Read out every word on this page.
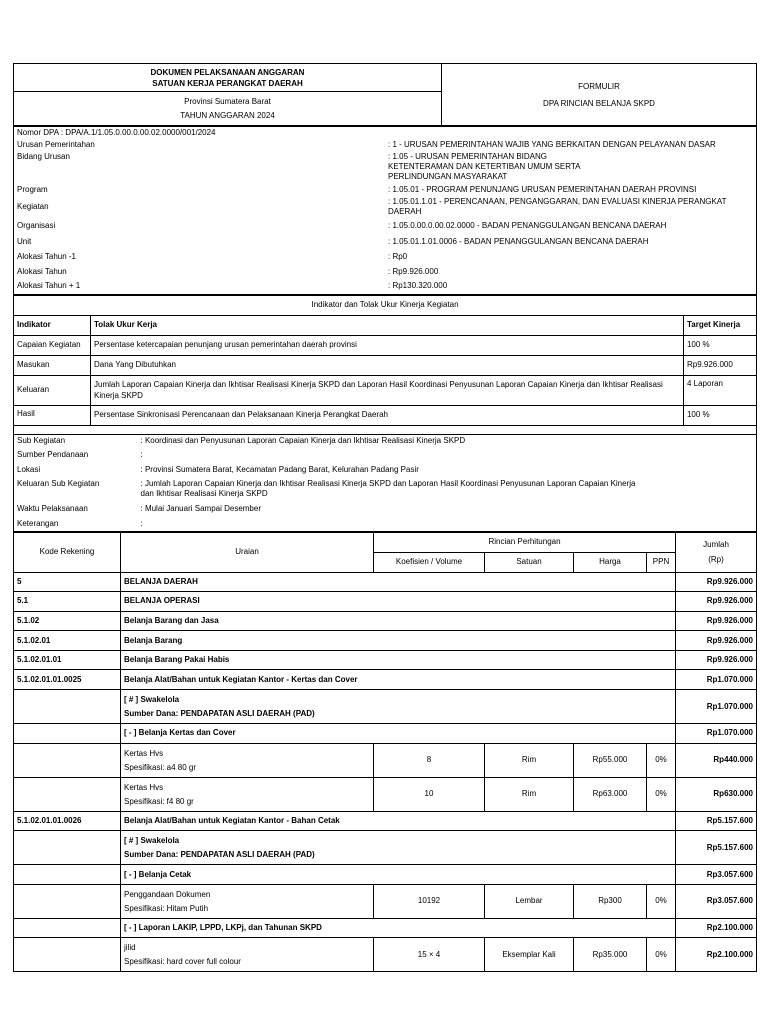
DOKUMEN PELAKSANAAN ANGGARAN
SATUAN KERJA PERANGKAT DAERAH	FORMULIR
DPA RINCIAN BELANJA SKPD

Provinsi Sumatera Barat
TAHUN ANGGARAN 2024
Nomor DPA : DPA/A.1/1.05.0.00.0.00.02.0000/001/2024	
Urusan Pemerintahan	: 1 - URUSAN PEMERINTAHAN WAJIB YANG BERKAITAN DENGAN PELAYANAN DASAR
Bidang Urusan	: 1.05 - URUSAN PEMERINTAHAN BIDANG KETENTERAMAN DAN KETERTIBAN UMUM SERTA PERLINDUNGAN MASYARAKAT
Program	: 1.05.01 - PROGRAM PENUNJANG URUSAN PEMERINTAHAN DAERAH PROVINSI
Kegiatan	: 1.05.01.1.01 - PERENCANAAN, PENGANGGARAN, DAN EVALUASI KINERJA PERANGKAT DAERAH
Organisasi	: 1.05.0.00.0.00.02.0000 - BADAN PENANGGULANGAN BENCANA DAERAH
Unit	: 1.05.01.1.01.0006 - BADAN PENANGGULANGAN BENCANA DAERAH
Alokasi Tahun -1	: Rp0
Alokasi Tahun	: Rp9.926.000
Alokasi Tahun + 1	: Rp130.320.000
Indikator dan Tolak Ukur Kinerja Kegiatan		
Indikator	Tolak Ukur Kerja	Target Kinerja
Capaian Kegiatan	Persentase ketercapaian penunjang urusan pemerintahan daerah provinsi	100 %
Masukan	Dana Yang Dibutuhkan	Rp9.926.000
Keluaran	Jumlah Laporan Capaian Kinerja dan Ikhtisar Realisasi Kinerja SKPD dan Laporan Hasil Koordinasi Penyusunan Laporan Capaian Kinerja dan Ikhtisar Realisasi Kinerja SKPD	4 Laporan
Hasil	Persentase Sinkronisasi Perencanaan dan Pelaksanaan Kinerja Perangkat Daerah	100 %
Sub Kegiatan	: Koordinasi dan Penyusunan Laporan Capaian Kinerja dan Ikhtisar Realisasi Kinerja SKPD
Sumber Pendanaan	:
Lokasi	: Provinsi Sumatera Barat, Kecamatan Padang Barat, Kelurahan Padang Pasir
Keluaran Sub Kegiatan	: Jumlah Laporan Capaian Kinerja dan Ikhtisar Realisasi Kinerja SKPD dan Laporan Hasil Koordinasi Penyusunan Laporan Capaian Kinerja dan Ikhtisar Realisasi Kinerja SKPD
Waktu Pelaksanaan	: Mulai Januari Sampai Desember
Keterangan	:
Kode Rekening	Uraian	Rincian Perhitungan				Jumlah
(Rp)

		Koefisien / Volume	Satuan	Harga	PPN	
5	BELANJA DAERAH					Rp9.926.000
5.1	BELANJA OPERASI					Rp9.926.000
5.1.02	Belanja Barang dan Jasa					Rp9.926.000
5.1.02.01	Belanja Barang					Rp9.926.000
5.1.02.01.01	Belanja Barang Pakai Habis					Rp9.926.000
5.1.02.01.01.0025	Belanja Alat/Bahan untuk Kegiatan Kantor - Kertas dan Cover					Rp1.070.000

	[ # ] Swakelola
Sumber Dana: PENDAPATAN ASLI DAERAH (PAD)					Rp1.070.000
	[ - ] Belanja Kertas dan Cover					Rp1.070.000

	Kertas Hvs
Spesifikasi: a4 80 gr	8	Rim	Rp55.000	0%	Rp440.000

	Kertas Hvs
Spesifikasi: f4 80 gr	10	Rim	Rp63.000	0%	Rp630.000
5.1.02.01.01.0026	Belanja Alat/Bahan untuk Kegiatan Kantor - Bahan Cetak					Rp5.157.600

	[ # ] Swakelola
Sumber Dana: PENDAPATAN ASLI DAERAH (PAD)					Rp5.157.600
	[ - ] Belanja Cetak					Rp3.057.600

	Penggandaan Dokumen
Spesifikasi: Hitam Putih	10192	Lembar	Rp300	0%	Rp3.057.600
	[ - ] Laporan LAKIP, LPPD, LKPj, dan Tahunan SKPD					Rp2.100.000

	jilid
Spesifikasi: hard cover full colour	15 × 4	Eksemplar Kali	Rp35.000	0%	Rp2.100.000
